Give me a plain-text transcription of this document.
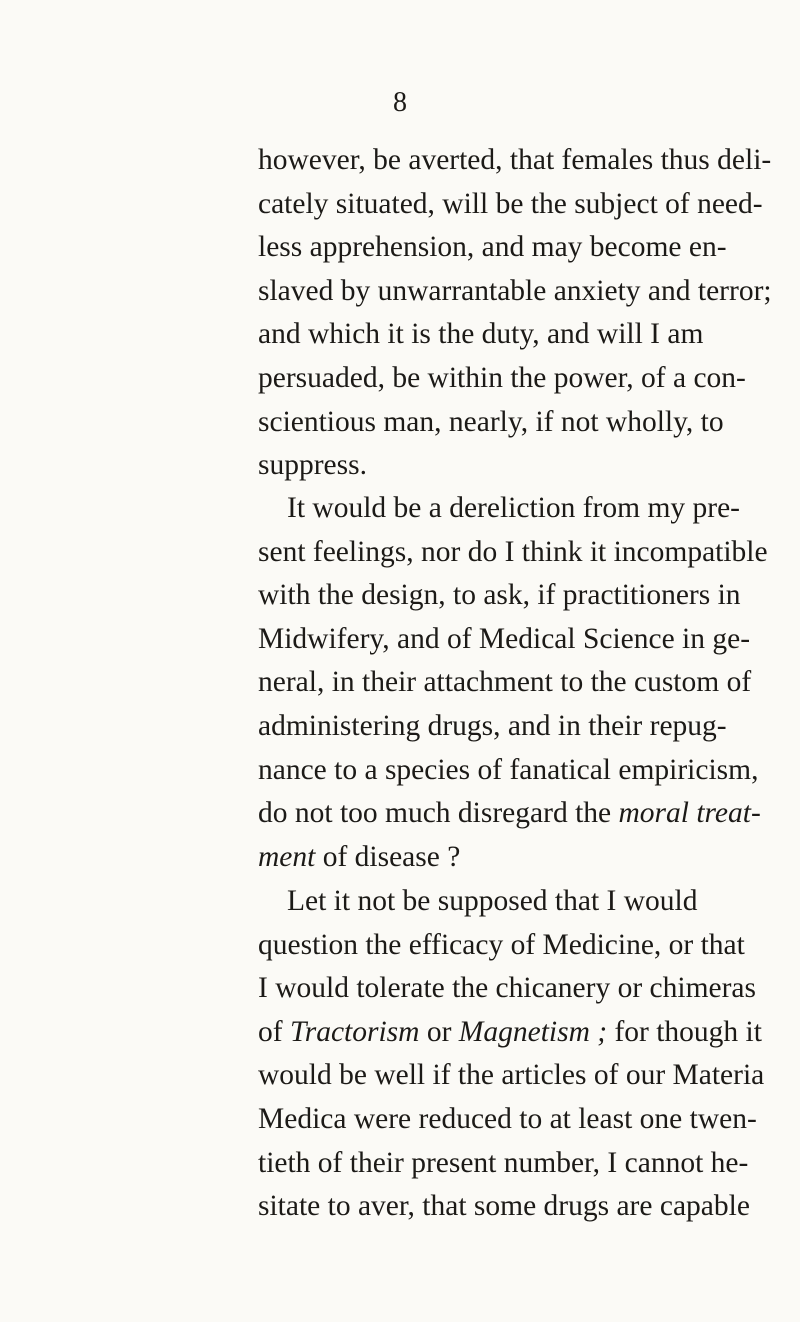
8
however, be averted, that females thus deli-
cately situated, will be the subject of need-
less apprehension, and may become en-
slaved by unwarrantable anxiety and terror;
and which it is the duty, and will I am
persuaded, be within the power, of a con-
scientious man, nearly, if not wholly, to
suppress.
It would be a dereliction from my pre-
sent feelings, nor do I think it incompatible
with the design, to ask, if practitioners in
Midwifery, and of Medical Science in ge-
neral, in their attachment to the custom of
administering drugs, and in their repug-
nance to a species of fanatical empiricism,
do not too much disregard the moral treat-
ment of disease ?
Let it not be supposed that I would
question the efficacy of Medicine, or that
I would tolerate the chicanery or chimeras
of Tractorism or Magnetism ; for though it
would be well if the articles of our Materia
Medica were reduced to at least one twen-
tieth of their present number, I cannot he-
sitate to aver, that some drugs are capable
